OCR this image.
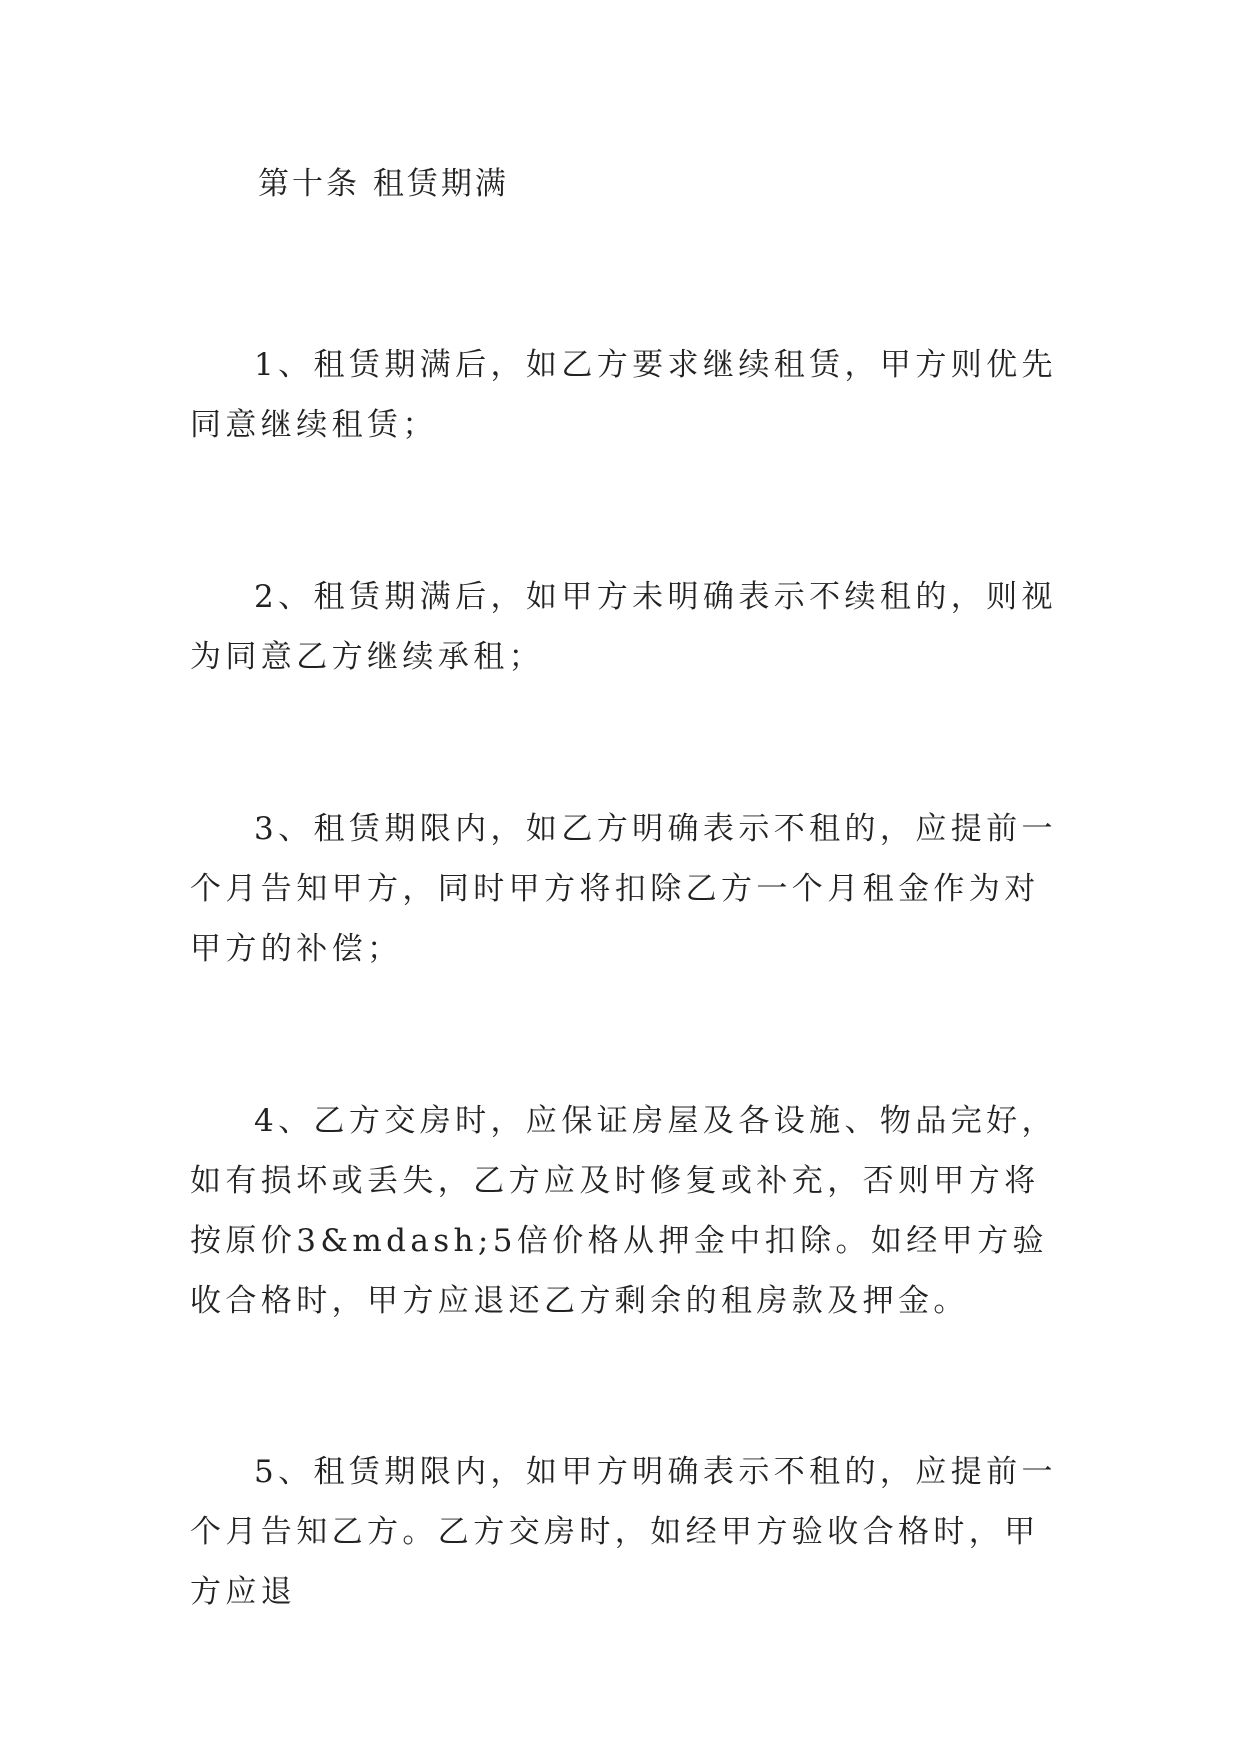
第十条 租赁期满

1、租赁期满后，如乙方要求继续租赁，甲方则优先同意继续租赁；

2、租赁期满后，如甲方未明确表示不续租的，则视为同意乙方继续承租；

3、租赁期限内，如乙方明确表示不租的，应提前一个月告知甲方，同时甲方将扣除乙方一个月租金作为对甲方的补偿；

4、乙方交房时，应保证房屋及各设施、物品完好，如有损坏或丢失，乙方应及时修复或补充，否则甲方将按原价3&mdash;5倍价格从押金中扣除。如经甲方验收合格时，甲方应退还乙方剩余的租房款及押金。

5、租赁期限内，如甲方明确表示不租的，应提前一个月告知乙方。乙方交房时，如经甲方验收合格时，甲方应退
